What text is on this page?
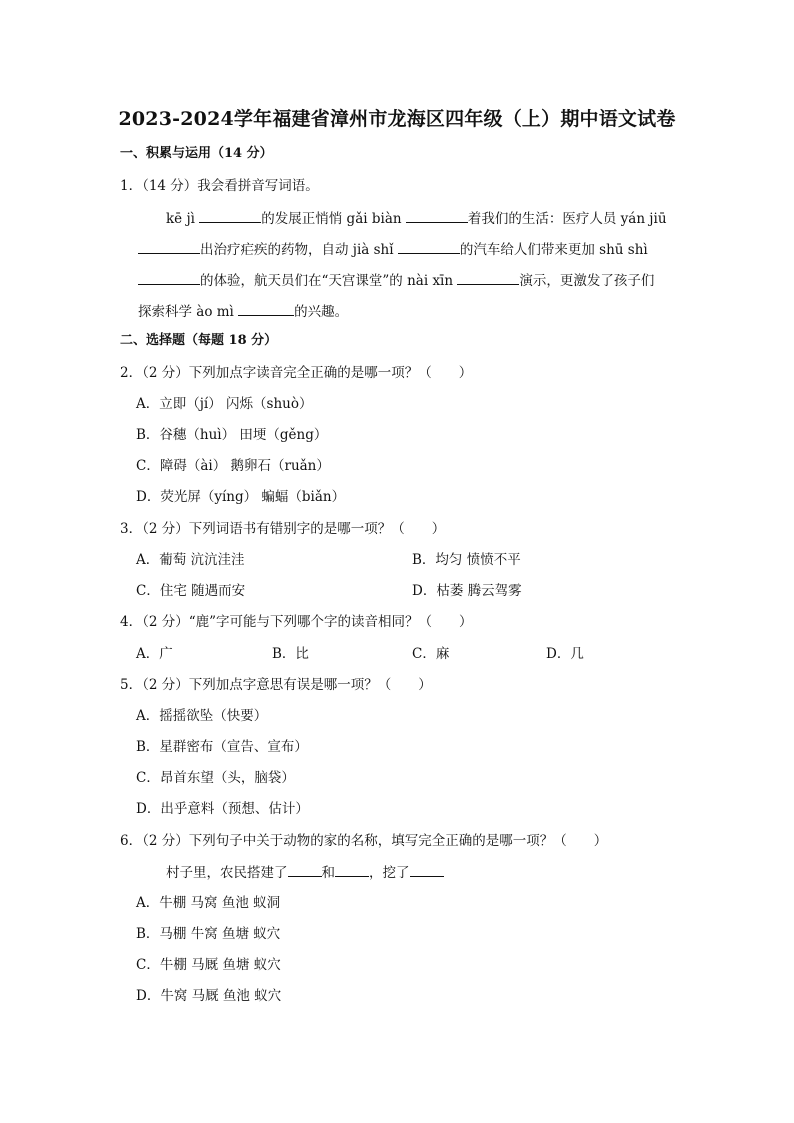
2023-2024学年福建省漳州市龙海区四年级（上）期中语文试卷
一、积累与运用（14 分）
1．（14 分）我会看拼音写词语。
kē jì	的发展正悄悄 gǎi biàn	着我们的生活：医疗人员 yán jiū
出治疗疟疾的药物，自动 jià shǐ	的汽车给人们带来更加 shū shì
的体验，航天员们在“天宫课堂”的 nài xīn	演示，更激发了孩子们
探索科学 ào mì	的兴趣。
二、选择题（每题 18 分）
2．（2 分）下列加点字读音完全正确的是哪一项？（　　）
A．立即（jí） 闪烁（shuò）
B．谷穗（huì） 田埂（gěng）
C．障碍（ài） 鹅卵石（ruǎn）
D．荧光屏（yíng） 蝙蝠（biǎn）
3．（2 分）下列词语书有错别字的是哪一项？（　　）
A．葡萄 沆沆洼洼	B．均匀 愤愤不平
C．住宅 随遇而安	D．枯萎 腾云驾雾
4．（2 分）“鹿”字可能与下列哪个字的读音相同？（　　）
A．广	B．比	C．麻	D．几
5．（2 分）下列加点字意思有误是哪一项？（　　）
A．摇摇欲坠（快要）
B．星群密布（宣告、宣布）
C．昂首东望（头，脑袋）
D．出乎意料（预想、估计）
6．（2 分）下列句子中关于动物的家的名称，填写完全正确的是哪一项？（　　）
村子里，农民搭建了	和	，挖了
A．牛棚 马窝 鱼池 蚁洞
B．马棚 牛窝 鱼塘 蚁穴
C．牛棚 马厩 鱼塘 蚁穴
D．牛窝 马厩 鱼池 蚁穴
